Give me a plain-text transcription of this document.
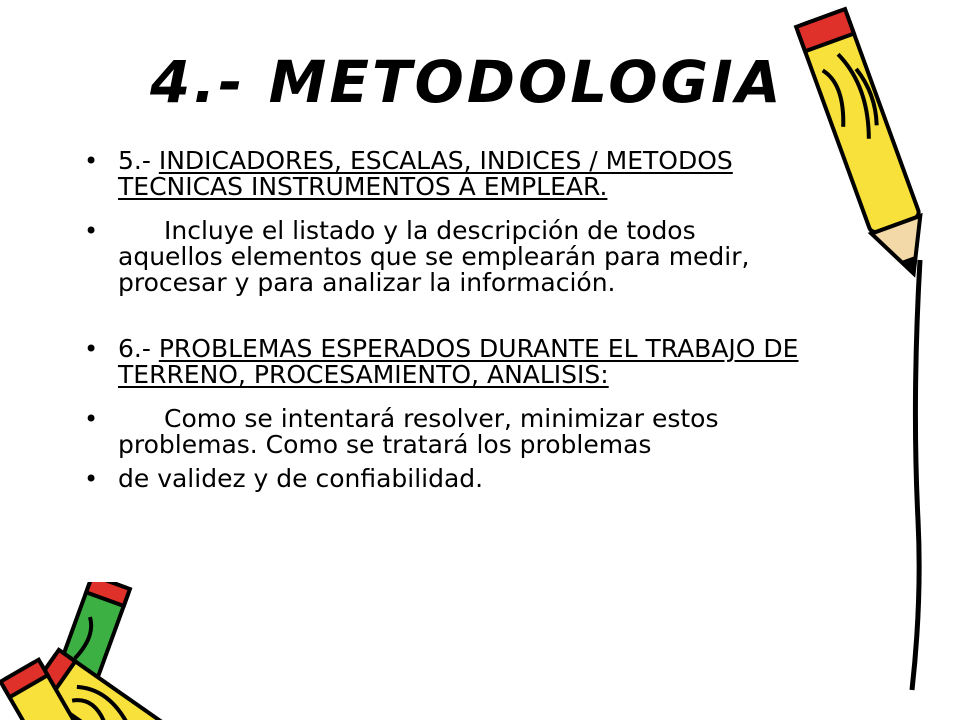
4.- METODOLOGIA
• 5.- INDICADORES, ESCALAS, INDICES / METODOS TECNICAS INSTRUMENTOS A EMPLEAR.
• Incluye el listado y la descripción de todos aquellos elementos que se emplearán para medir, procesar y para analizar la información.
• 6.- PROBLEMAS ESPERADOS DURANTE EL TRABAJO DE TERRENO, PROCESAMIENTO, ANALISIS:
• Como se intentará resolver, minimizar estos problemas. Como se tratará los problemas
• de validez y de confiabilidad.
